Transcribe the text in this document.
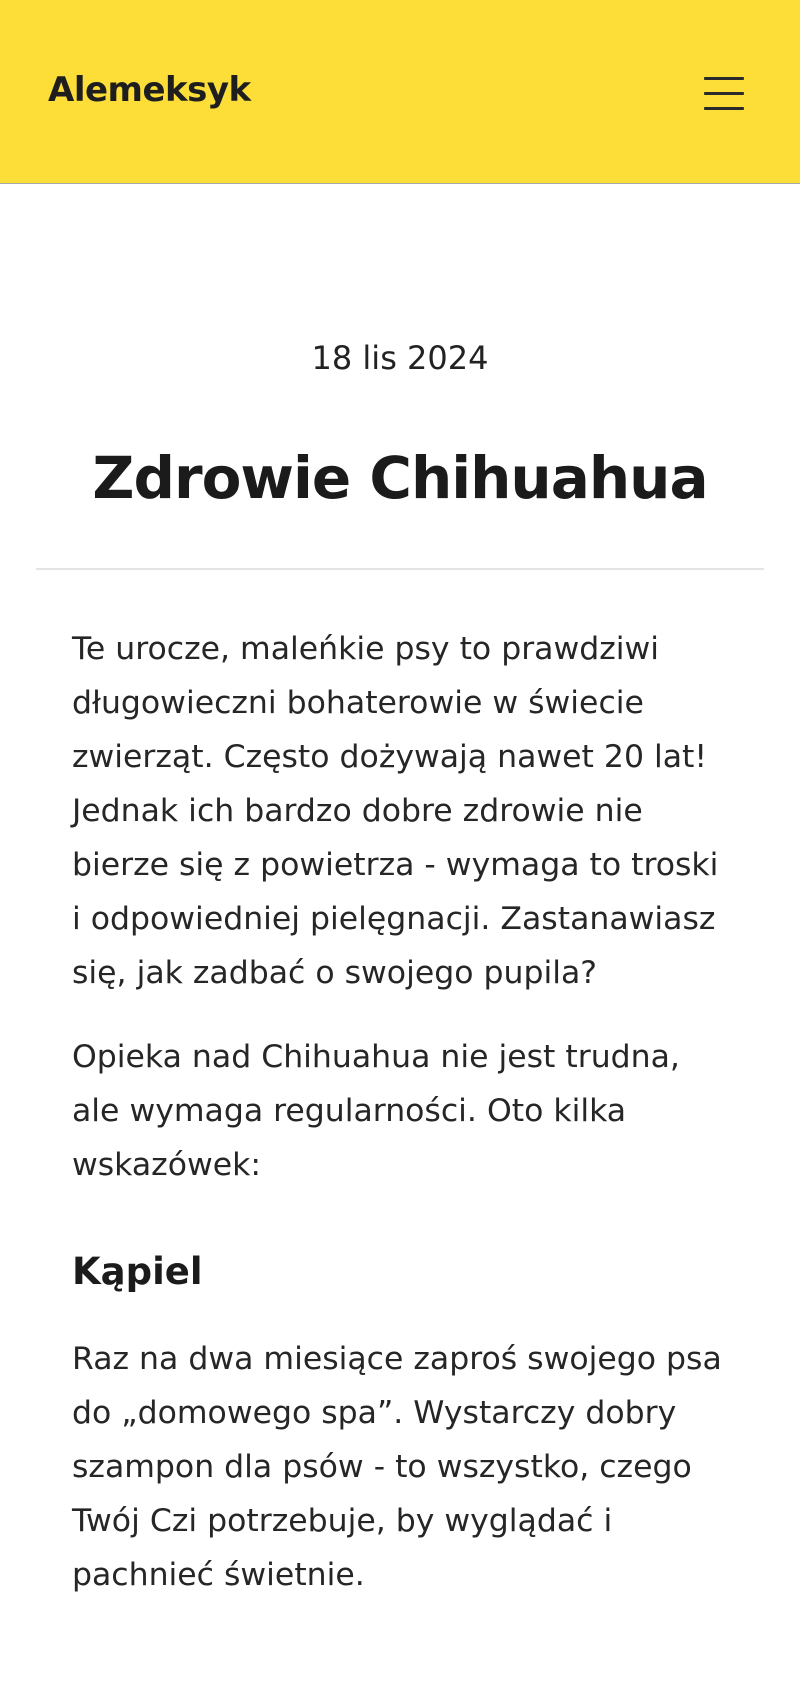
Alemeksyk
18 lis 2024
Zdrowie Chihuahua

Te urocze, maleńkie psy to prawdziwi długowieczni bohaterowie w świecie zwierząt. Często dożywają nawet 20 lat! Jednak ich bardzo dobre zdrowie nie bierze się z powietrza - wymaga to troski i odpowiedniej pielęgnacji. Zastanawiasz się, jak zadbać o swojego pupila?

Opieka nad Chihuahua nie jest trudna, ale wymaga regularności. Oto kilka wskazówek:

Kąpiel

Raz na dwa miesiące zaproś swojego psa do „domowego spa”. Wystarczy dobry szampon dla psów - to wszystko, czego Twój Czi potrzebuje, by wyglądać i pachnieć świetnie.
